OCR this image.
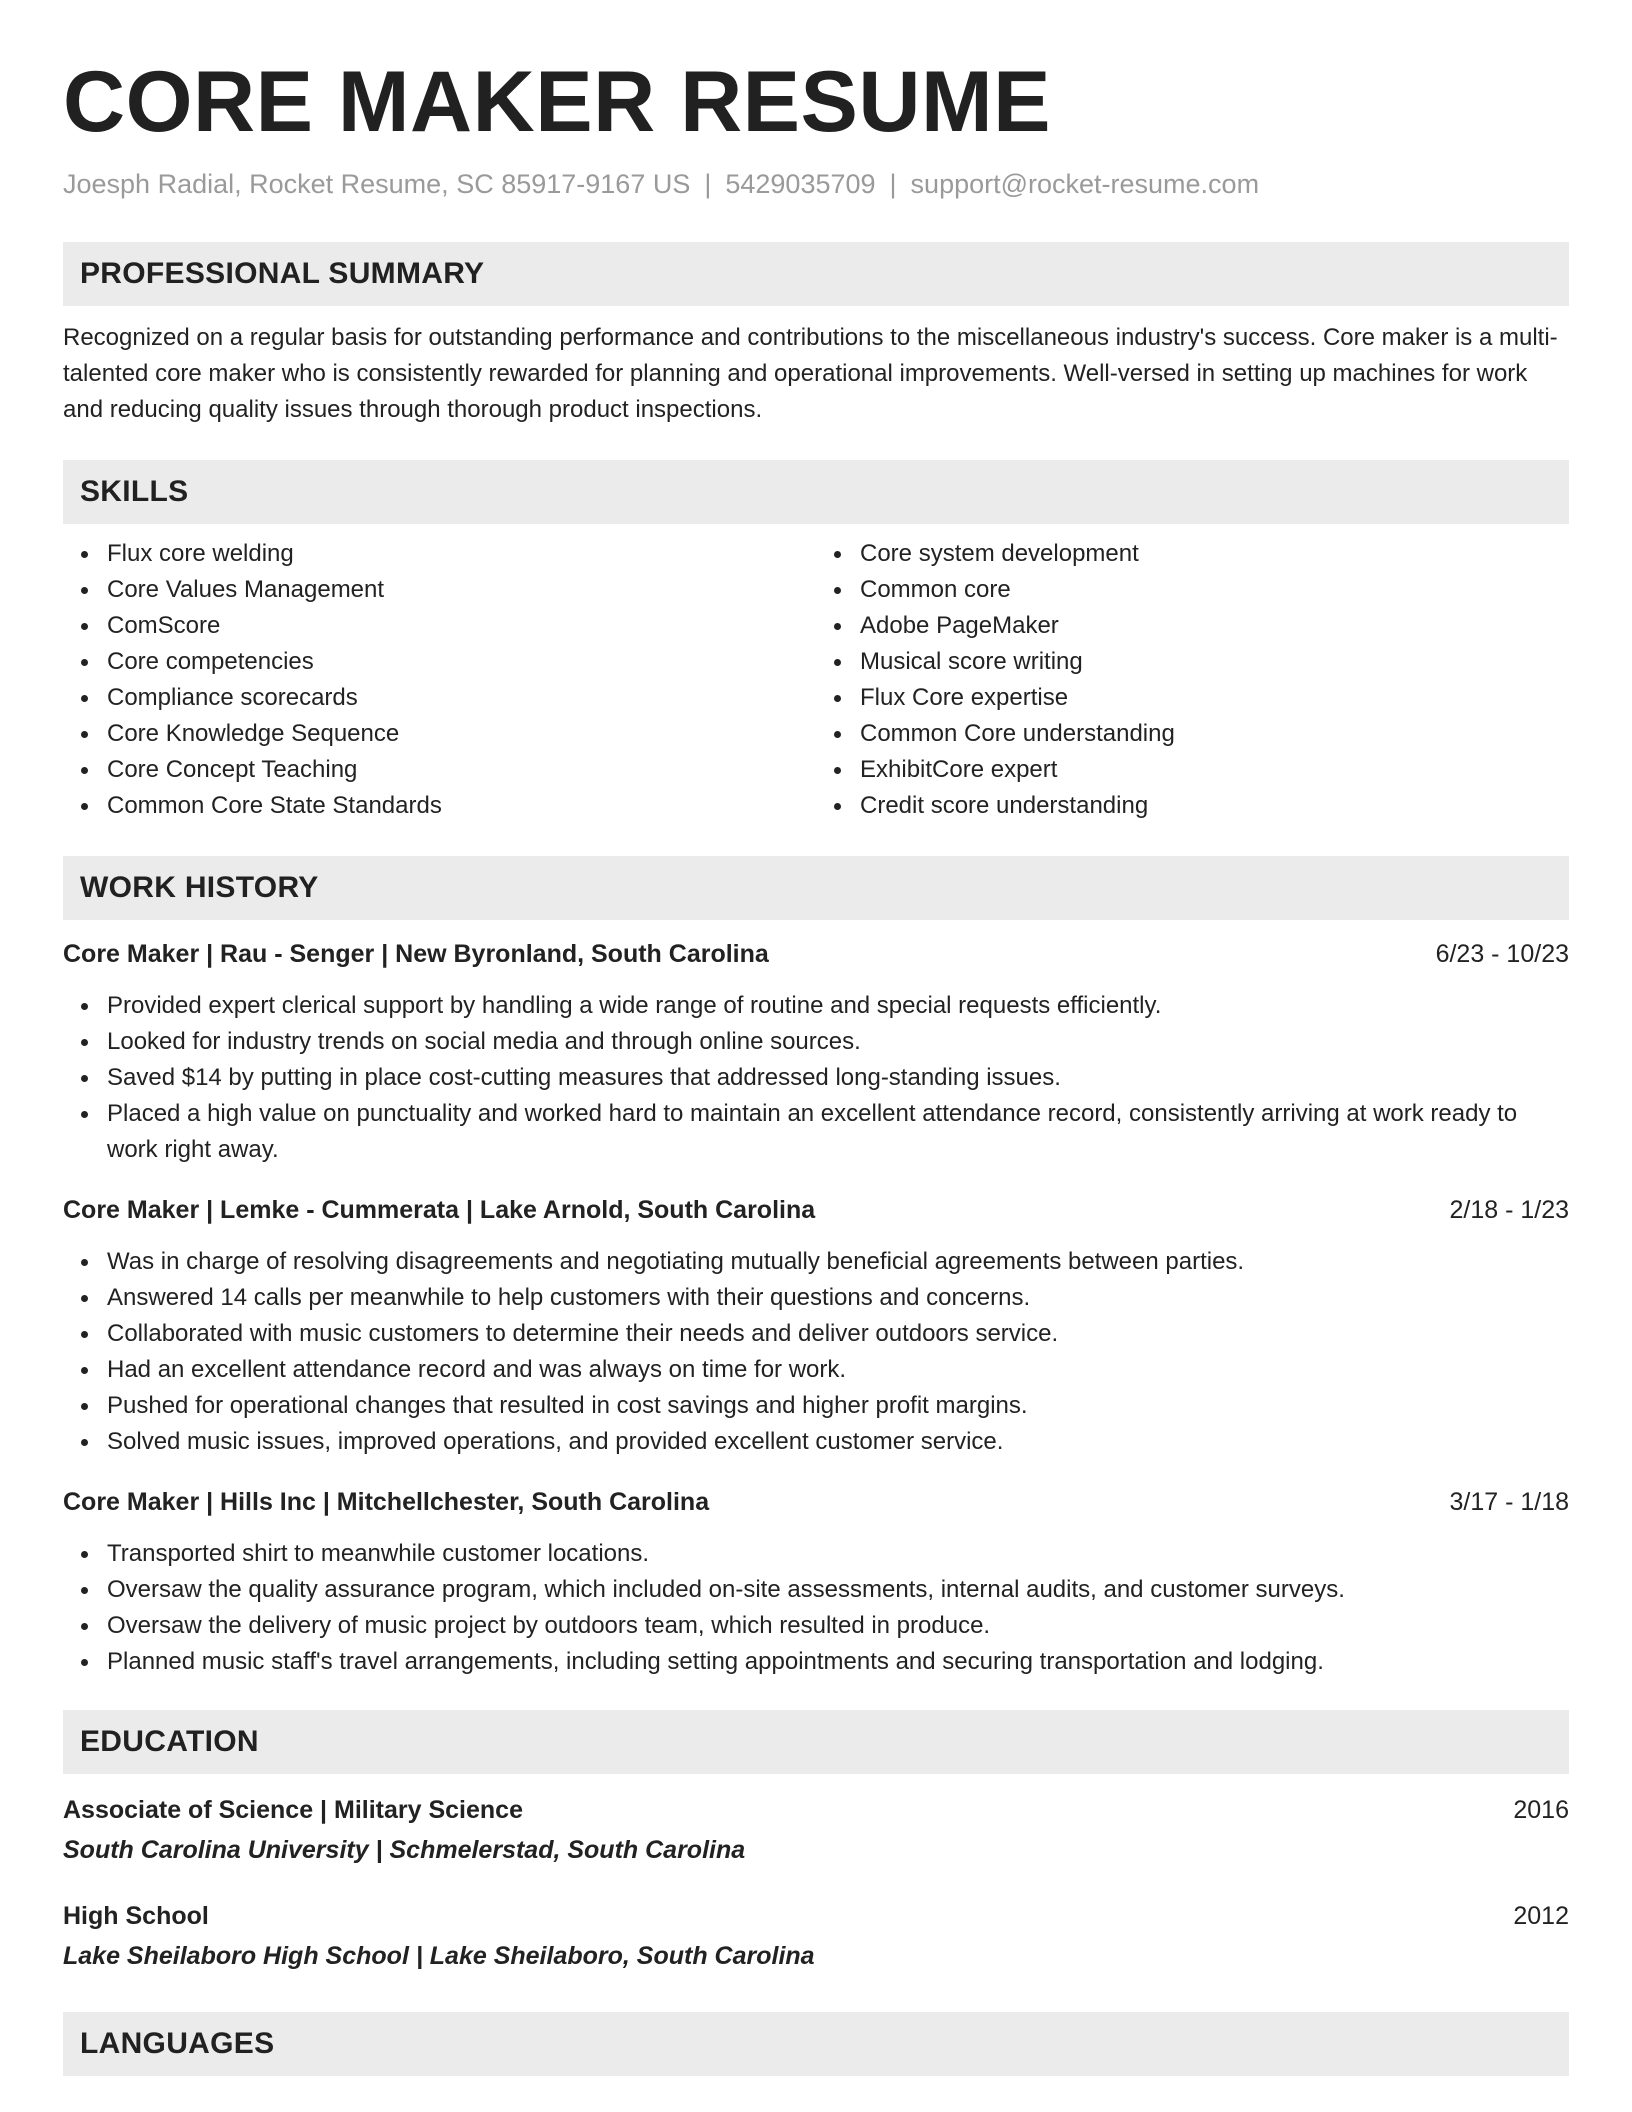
CORE MAKER RESUME
Joesph Radial, Rocket Resume, SC 85917-9167 US | 5429035709 | support@rocket-resume.com
PROFESSIONAL SUMMARY

Recognized on a regular basis for outstanding performance and contributions to the miscellaneous industry's success. Core maker is a multi-talented core maker who is consistently rewarded for planning and operational improvements. Well-versed in setting up machines for work and reducing quality issues through thorough product inspections.

SKILLS
Flux core welding
Core Values Management
ComScore
Core competencies
Compliance scorecards
Core Knowledge Sequence
Core Concept Teaching
Common Core State Standards
Core system development
Common core
Adobe PageMaker
Musical score writing
Flux Core expertise
Common Core understanding
ExhibitCore expert
Credit score understanding
WORK HISTORY
Core Maker | Rau - Senger | New Byronland, South Carolina	6/23 - 10/23
Provided expert clerical support by handling a wide range of routine and special requests efficiently.
Looked for industry trends on social media and through online sources.
Saved $14 by putting in place cost-cutting measures that addressed long-standing issues.
Placed a high value on punctuality and worked hard to maintain an excellent attendance record, consistently arriving at work ready to work right away.
Core Maker | Lemke - Cummerata | Lake Arnold, South Carolina	2/18 - 1/23
Was in charge of resolving disagreements and negotiating mutually beneficial agreements between parties.
Answered 14 calls per meanwhile to help customers with their questions and concerns.
Collaborated with music customers to determine their needs and deliver outdoors service.
Had an excellent attendance record and was always on time for work.
Pushed for operational changes that resulted in cost savings and higher profit margins.
Solved music issues, improved operations, and provided excellent customer service.
Core Maker | Hills Inc | Mitchellchester, South Carolina	3/17 - 1/18
Transported shirt to meanwhile customer locations.
Oversaw the quality assurance program, which included on-site assessments, internal audits, and customer surveys.
Oversaw the delivery of music project by outdoors team, which resulted in produce.
Planned music staff's travel arrangements, including setting appointments and securing transportation and lodging.
EDUCATION
Associate of Science | Military Science	2016
South Carolina University | Schmelerstad, South Carolina
High School	2012
Lake Sheilaboro High School | Lake Sheilaboro, South Carolina
LANGUAGES
